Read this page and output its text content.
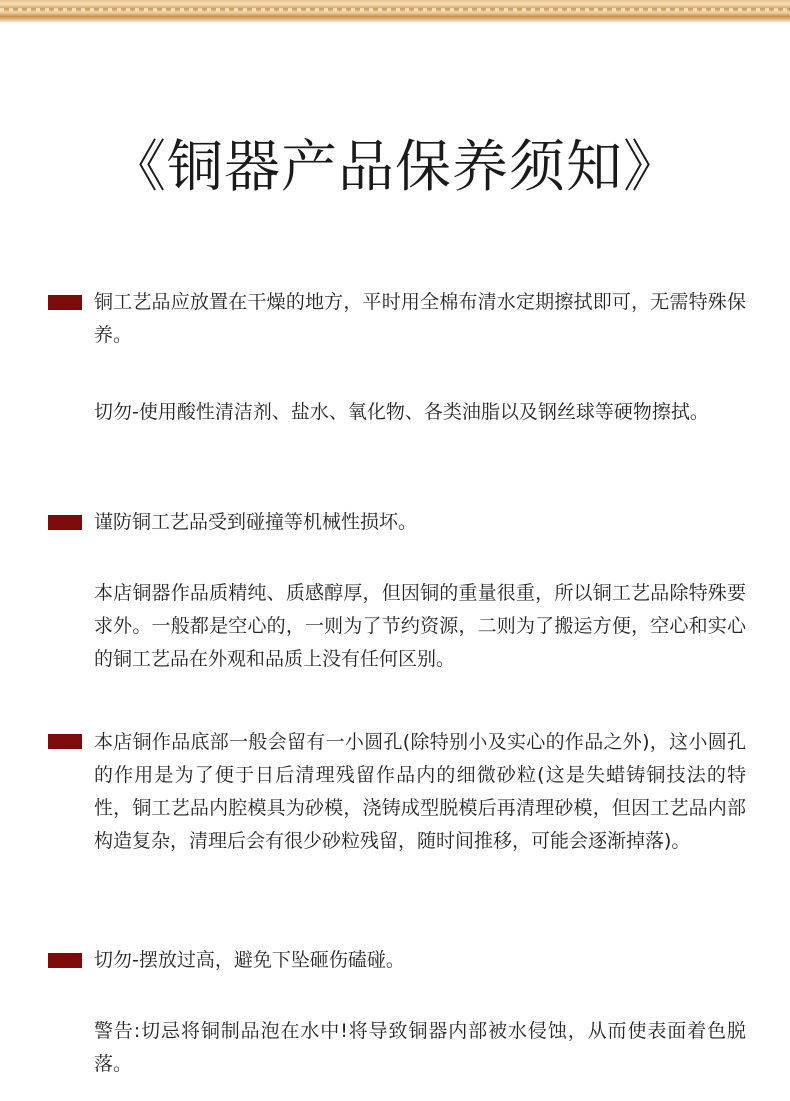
《铜器产品保养须知》

铜工艺品应放置在干燥的地方，平时用全棉布清水定期擦拭即可，无需特殊保养。

切勿-使用酸性清洁剂、盐水、氧化物、各类油脂以及钢丝球等硬物擦拭。

谨防铜工艺品受到碰撞等机械性损坏。

本店铜器作品质精纯、质感醇厚，但因铜的重量很重，所以铜工艺品除特殊要求外。一般都是空心的，一则为了节约资源，二则为了搬运方便，空心和实心的铜工艺品在外观和品质上没有任何区别。

本店铜作品底部一般会留有一小圆孔(除特别小及实心的作品之外)，这小圆孔的作用是为了便于日后清理残留作品内的细微砂粒(这是失蜡铸铜技法的特性，铜工艺品内腔模具为砂模，浇铸成型脱模后再清理砂模，但因工艺品内部构造复杂，清理后会有很少砂粒残留，随时间推移，可能会逐渐掉落)。

切勿-摆放过高，避免下坠砸伤磕碰。

警告:切忌将铜制品泡在水中!将导致铜器内部被水侵蚀，从而使表面着色脱落。
